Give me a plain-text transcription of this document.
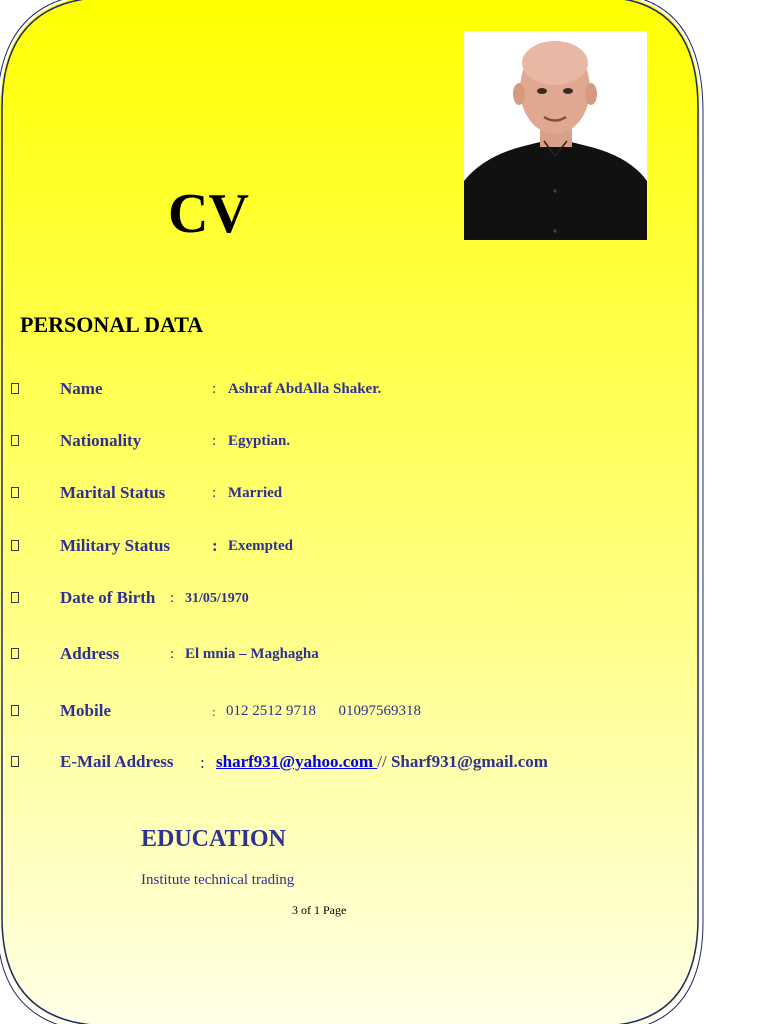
CV
PERSONAL DATA
Name	: Ashraf AbdAlla Shaker.
Nationality	: Egyptian.
Marital Status	: Married
Military Status : Exempted
Date of Birth : 31/05/1970
Address	: El mnia – Maghagha
Mobile	: 012 2512 9718      01097569318
E-Mail Address : sharf931@yahoo.com // Sharf931@gmail.com
EDUCATION
Institute technical trading
3 of 1 Page
